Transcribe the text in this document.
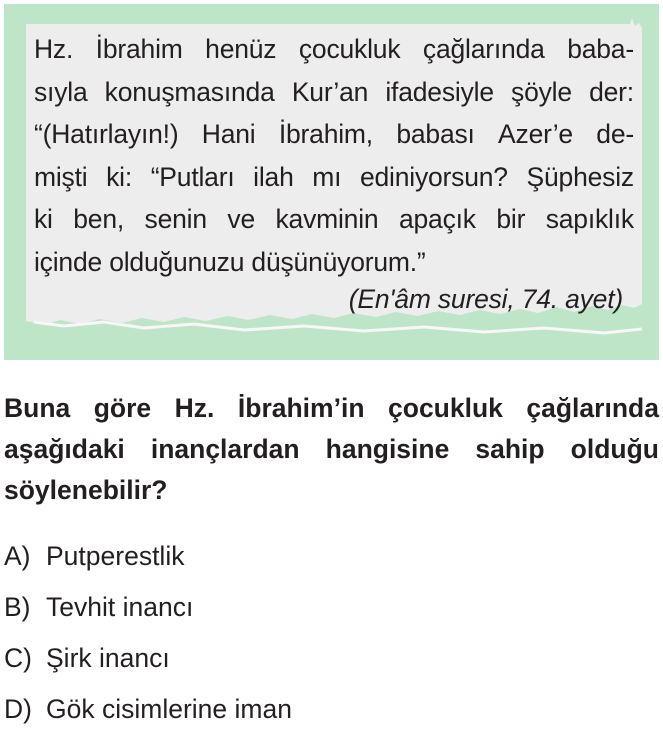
Hz. İbrahim henüz çocukluk çağlarında baba-
sıyla konuşmasında Kur’an ifadesiyle şöyle der:
“(Hatırlayın!) Hani İbrahim, babası Azer’e de-
mişti ki: “Putları ilah mı ediniyorsun? Şüphesiz
ki ben, senin ve kavminin apaçık bir sapıklık
içinde olduğunuzu düşünüyorum.”
(En'âm suresi, 74. ayet)
Buna göre Hz. İbrahim’in çocukluk çağlarında
aşağıdaki inançlardan hangisine sahip olduğu
söylenebilir?
A) Putperestlik
B) Tevhit inancı
C) Şirk inancı
D) Gök cisimlerine iman
